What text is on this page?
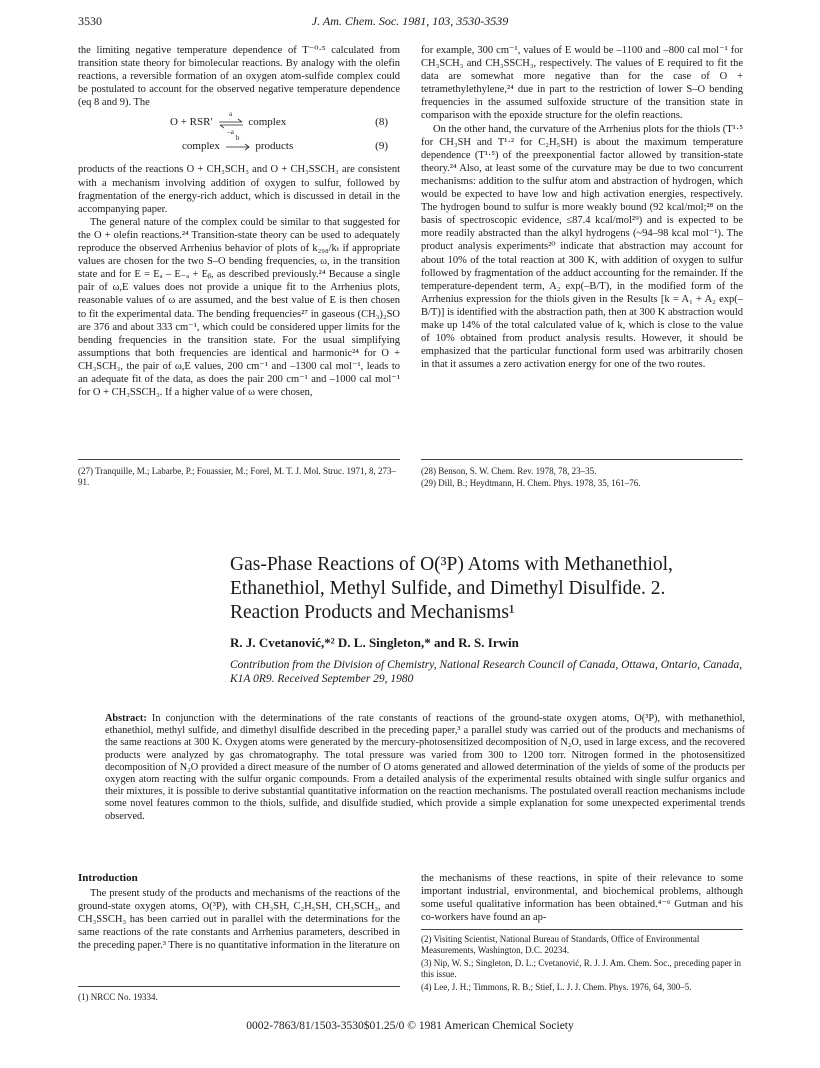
3530	J. Am. Chem. Soc. 1981, 103, 3530-3539

the limiting negative temperature dependence of T⁻⁰·⁵ calculated from transition state theory for bimolecular reactions. By analogy with the olefin reactions, a reversible formation of an oxygen atom-sulfide complex could be postulated to account for the observed negative temperature dependence (eq 8 and 9). The

O + RSR′
a
–a
complex	(8)
complex
b
products	(9)

products of the reactions O + CH₃SCH₃ and O + CH₃SSCH₃ are consistent with a mechanism involving addition of oxygen to sulfur, followed by fragmentation of the energy-rich adduct, which is discussed in detail in the accompanying paper.

The general nature of the complex could be similar to that suggested for the O + olefin reactions.²⁴ Transition-state theory can be used to adequately reproduce the observed Arrhenius behavior of plots of k₂₉₈/kₜ if appropriate values are chosen for the two S–O bending frequencies, ω, in the transition state and for E = Eₐ – E₋ₐ + Eᵦ, as described previously.²⁴ Because a single pair of ω,E values does not provide a unique fit to the Arrhenius plots, reasonable values of ω are assumed, and the best value of E is then chosen to fit the experimental data. The bending frequencies²⁷ in gaseous (CH₃)₂SO are 376 and about 333 cm⁻¹, which could be considered upper limits for the bending frequencies in the transition state. For the usual simplifying assumptions that both frequencies are identical and harmonic²⁴ for O + CH₃SCH₃, the pair of ω,E values, 200 cm⁻¹ and –1300 cal mol⁻¹, leads to an adequate fit of the data, as does the pair 200 cm⁻¹ and –1000 cal mol⁻¹ for O + CH₃SSCH₃. If a higher value of ω were chosen,

for example, 300 cm⁻¹, values of E would be –1100 and –800 cal mol⁻¹ for CH₃SCH₃ and CH₃SSCH₃, respectively. The values of E required to fit the data are somewhat more negative than for the case of O + tetramethylethylene,²⁴ due in part to the restriction of lower S–O bending frequencies in the assumed sulfoxide structure of the transition state in comparison with the epoxide structure for the olefin reactions.

On the other hand, the curvature of the Arrhenius plots for the thiols (T¹·⁵ for CH₃SH and T¹·² for C₂H₅SH) is about the maximum temperature dependence (T¹·⁵) of the preexponential factor allowed by transition-state theory.²⁴ Also, at least some of the curvature may be due to two concurrent mechanisms: addition to the sulfur atom and abstraction of hydrogen, which would be expected to have low and high activation energies, respectively. The hydrogen bound to sulfur is more weakly bound (92 kcal/mol;²⁸ on the basis of spectroscopic evidence, ≤87.4 kcal/mol²⁹) and is expected to be more readily abstracted than the alkyl hydrogens (~94–98 kcal mol⁻¹). The product analysis experiments²⁰ indicate that abstraction may account for about 10% of the total reaction at 300 K, with addition of oxygen to sulfur followed by fragmentation of the adduct accounting for the remainder. If the temperature-dependent term, A₂ exp(–B/T), in the modified form of the Arrhenius expression for the thiols given in the Results [k = A₁ + A₂ exp(–B/T)] is identified with the abstraction path, then at 300 K abstraction would make up 14% of the total calculated value of k, which is close to the value of 10% obtained from product analysis results. However, it should be emphasized that the particular functional form used was arbitrarily chosen in that it assumes a zero activation energy for one of the two routes.

(27) Tranquille, M.; Labarbe, P.; Fouassier, M.; Forel, M. T. J. Mol. Struc. 1971, 8, 273–91.
(28) Benson, S. W. Chem. Rev. 1978, 78, 23–35.
(29) Dill, B.; Heydtmann, H. Chem. Phys. 1978, 35, 161–76.
Gas-Phase Reactions of O(³P) Atoms with Methanethiol, Ethanethiol, Methyl Sulfide, and Dimethyl Disulfide. 2. Reaction Products and Mechanisms¹
R. J. Cvetanović,*² D. L. Singleton,* and R. S. Irwin
Contribution from the Division of Chemistry, National Research Council of Canada, Ottawa, Ontario, Canada, K1A 0R9. Received September 29, 1980
Abstract: In conjunction with the determinations of the rate constants of reactions of the ground-state oxygen atoms, O(³P), with methanethiol, ethanethiol, methyl sulfide, and dimethyl disulfide described in the preceding paper,³ a parallel study was carried out of the products and mechanisms of the same reactions at 300 K. Oxygen atoms were generated by the mercury-photosensitized decomposition of N₂O, used in large excess, and the recovered products were analyzed by gas chromatography. The total pressure was varied from 300 to 1200 torr. Nitrogen formed in the photosensitized decomposition of N₂O provided a direct measure of the number of O atoms generated and allowed determination of the yields of some of the products per oxygen atom reacting with the sulfur organic compounds. From a detailed analysis of the experimental results obtained with single sulfur organics and their mixtures, it is possible to derive substantial quantitative information on the reaction mechanisms. The postulated overall reaction mechanisms include some novel features common to the thiols, sulfide, and disulfide studied, which provide a simple explanation for some unexpected experimental trends observed.
Introduction

The present study of the products and mechanisms of the reactions of the ground-state oxygen atoms, O(³P), with CH₃SH, C₂H₅SH, CH₃SCH₃, and CH₃SSCH₃ has been carried out in parallel with the determinations for the same reactions of the rate constants and Arrhenius parameters, described in the preceding paper.³ There is no quantitative information in the literature on

the mechanisms of these reactions, in spite of their relevance to some important industrial, environmental, and biochemical problems, although some useful qualitative information has been obtained.⁴⁻⁶ Gutman and his co-workers have found an ap-

(1) NRCC No. 19334.
(2) Visiting Scientist, National Bureau of Standards, Office of Environmental Measurements, Washington, D.C. 20234.
(3) Nip, W. S.; Singleton, D. L.; Cvetanović, R. J. J. Am. Chem. Soc., preceding paper in this issue.
(4) Lee, J. H.; Timmons, R. B.; Stief, L. J. J. Chem. Phys. 1976, 64, 300–5.
0002-7863/81/1503-3530$01.25/0 © 1981 American Chemical Society
